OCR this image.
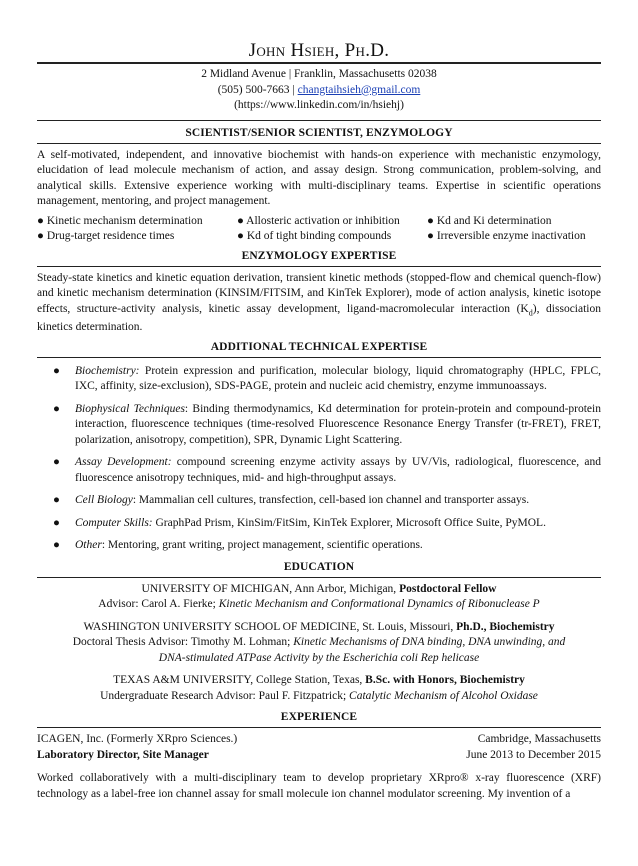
John Hsieh, Ph.D.
2 Midland Avenue | Franklin, Massachusetts 02038
(505) 500-7663 | changtaihsieh@gmail.com
(https://www.linkedin.com/in/hsiehj)
SCIENTIST/SENIOR SCIENTIST, ENZYMOLOGY
A self-motivated, independent, and innovative biochemist with hands-on experience with mechanistic enzymology, elucidation of lead molecule mechanism of action, and assay design. Strong communication, problem-solving, and analytical skills. Extensive experience working with multi-disciplinary teams. Expertise in scientific operations management, mentoring, and project management.
● Kinetic mechanism determination	● Allosteric activation or inhibition	● Kd and Ki determination
● Drug-target residence times	● Kd of tight binding compounds	● Irreversible enzyme inactivation
ENZYMOLOGY EXPERTISE
Steady-state kinetics and kinetic equation derivation, transient kinetic methods (stopped-flow and chemical quench-flow) and kinetic mechanism determination (KINSIM/FITSIM, and KinTek Explorer), mode of action analysis, kinetic isotope effects, structure-activity analysis, kinetic assay development, ligand-macromolecular interaction $(K_d)$, dissociation kinetics determination.
ADDITIONAL TECHNICAL EXPERTISE
● Biochemistry: Protein expression and purification, molecular biology, liquid chromatography (HPLC, FPLC, IXC, affinity, size-exclusion), SDS-PAGE, protein and nucleic acid chemistry, enzyme immunoassays.
● Biophysical Techniques: Binding thermodynamics, Kd determination for protein-protein and compound-protein interaction, fluorescence techniques (time-resolved Fluorescence Resonance Energy Transfer (tr-FRET), FRET, polarization, anisotropy, competition), SPR, Dynamic Light Scattering.
● Assay Development: compound screening enzyme activity assays by UV/Vis, radiological, fluorescence, and fluorescence anisotropy techniques, mid- and high-throughput assays.
● Cell Biology: Mammalian cell cultures, transfection, cell-based ion channel and transporter assays.
● Computer Skills: GraphPad Prism, KinSim/FitSim, KinTek Explorer, Microsoft Office Suite, PyMOL.
● Other: Mentoring, grant writing, project management, scientific operations.
EDUCATION
UNIVERSITY OF MICHIGAN, Ann Arbor, Michigan, Postdoctoral Fellow
Advisor: Carol A. Fierke; Kinetic Mechanism and Conformational Dynamics of Ribonuclease P
WASHINGTON UNIVERSITY SCHOOL OF MEDICINE, St. Louis, Missouri, Ph.D., Biochemistry
Doctoral Thesis Advisor: Timothy M. Lohman; Kinetic Mechanisms of DNA binding, DNA unwinding, and
DNA-stimulated ATPase Activity by the Escherichia coli Rep helicase
TEXAS A&M UNIVERSITY, College Station, Texas, B.Sc. with Honors, Biochemistry
Undergraduate Research Advisor: Paul F. Fitzpatrick; Catalytic Mechanism of Alcohol Oxidase
EXPERIENCE
ICAGEN, Inc. (Formerly XRpro Sciences.)	Cambridge, Massachusetts
Laboratory Director, Site Manager	June 2013 to December 2015
Worked collaboratively with a multi-disciplinary team to develop proprietary XRpro® x-ray fluorescence (XRF) technology as a label-free ion channel assay for small molecule ion channel modulator screening. My invention of a
